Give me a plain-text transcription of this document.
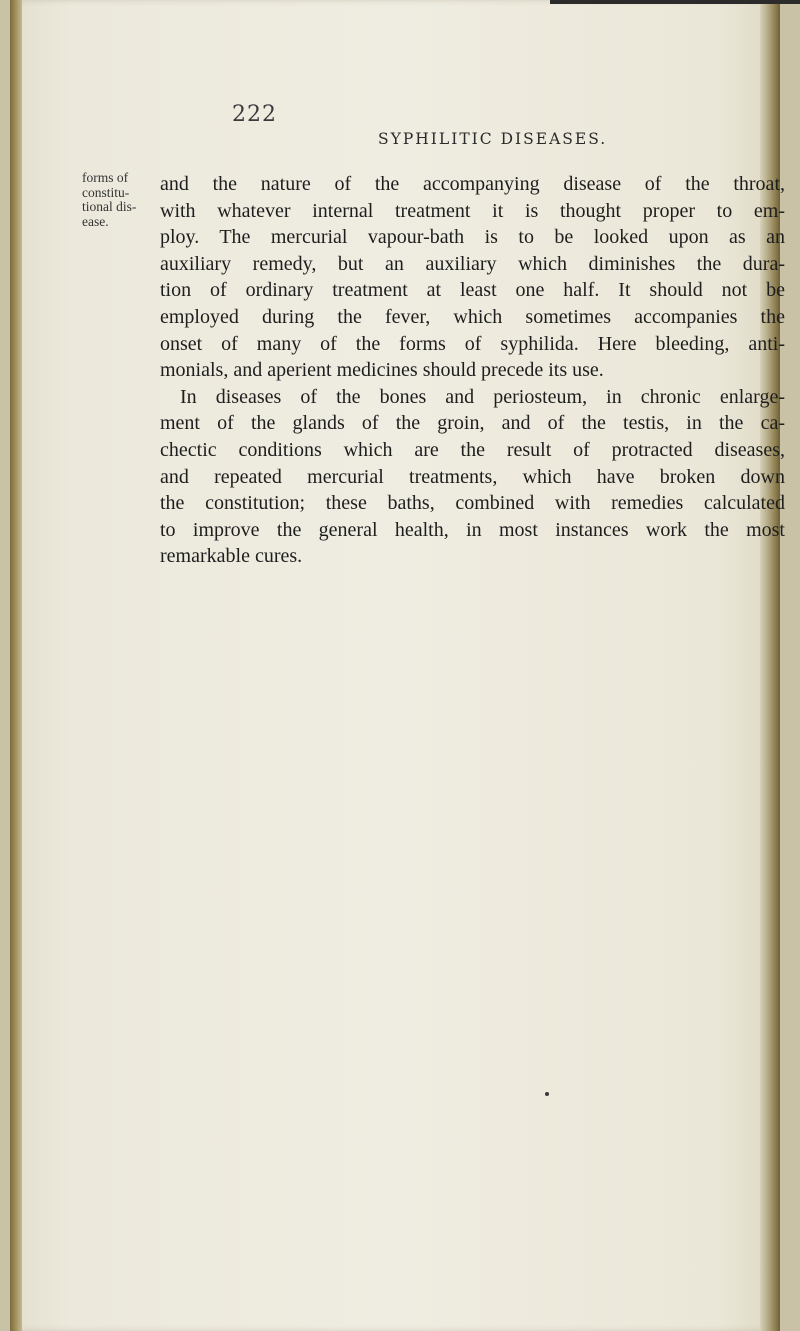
222
SYPHILITIC DISEASES.
forms of
constitu-
tional dis-
ease.
and the nature of the accompanying disease of the throat,
with whatever internal treatment it is thought proper to em-
ploy. The mercurial vapour-bath is to be looked upon as an
auxiliary remedy, but an auxiliary which diminishes the dura-
tion of ordinary treatment at least one half. It should not be
employed during the fever, which sometimes accompanies the
onset of many of the forms of syphilida. Here bleeding, anti-
monials, and aperient medicines should precede its use.
In diseases of the bones and periosteum, in chronic enlarge-
ment of the glands of the groin, and of the testis, in the ca-
chectic conditions which are the result of protracted diseases,
and repeated mercurial treatments, which have broken down
the constitution; these baths, combined with remedies calculated
to improve the general health, in most instances work the most
remarkable cures.
